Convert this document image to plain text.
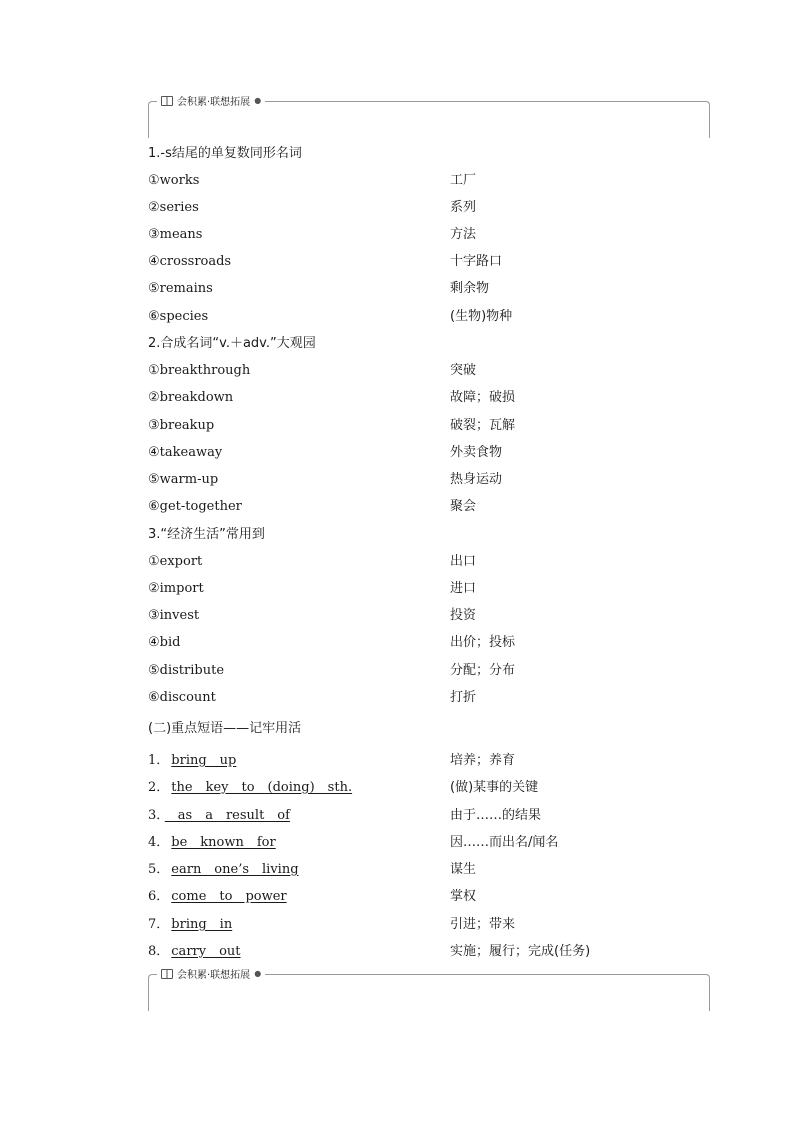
会积累·联想拓展 ●
1.-s结尾的单复数同形名词
①works	工厂
②series	系列
③means	方法
④crossroads	十字路口
⑤remains	剩余物
⑥species	(生物)物种
2.合成名词“v.＋adv.”大观园
①breakthrough	突破
②breakdown	故障；破损
③breakup	破裂；瓦解
④takeaway	外卖食物
⑤warm-up	热身运动
⑥get-together	聚会
3.“经济生活”常用到
①export	出口
②import	进口
③invest	投资
④bid	出价；投标
⑤distribute	分配；分布
⑥discount	打折
(二)重点短语——记牢用活
1． bring　up	培养；养育
2． the　key　to　(doing)　sth.	(做)某事的关键
3．　as　a　result　of	由于……的结果
4． be　known　for	因……而出名/闻名
5． earn　one’s　living	谋生
6． come　to　power	掌权
7． bring　in	引进；带来
8． carry　out	实施；履行；完成(任务)
会积累·联想拓展 ●
